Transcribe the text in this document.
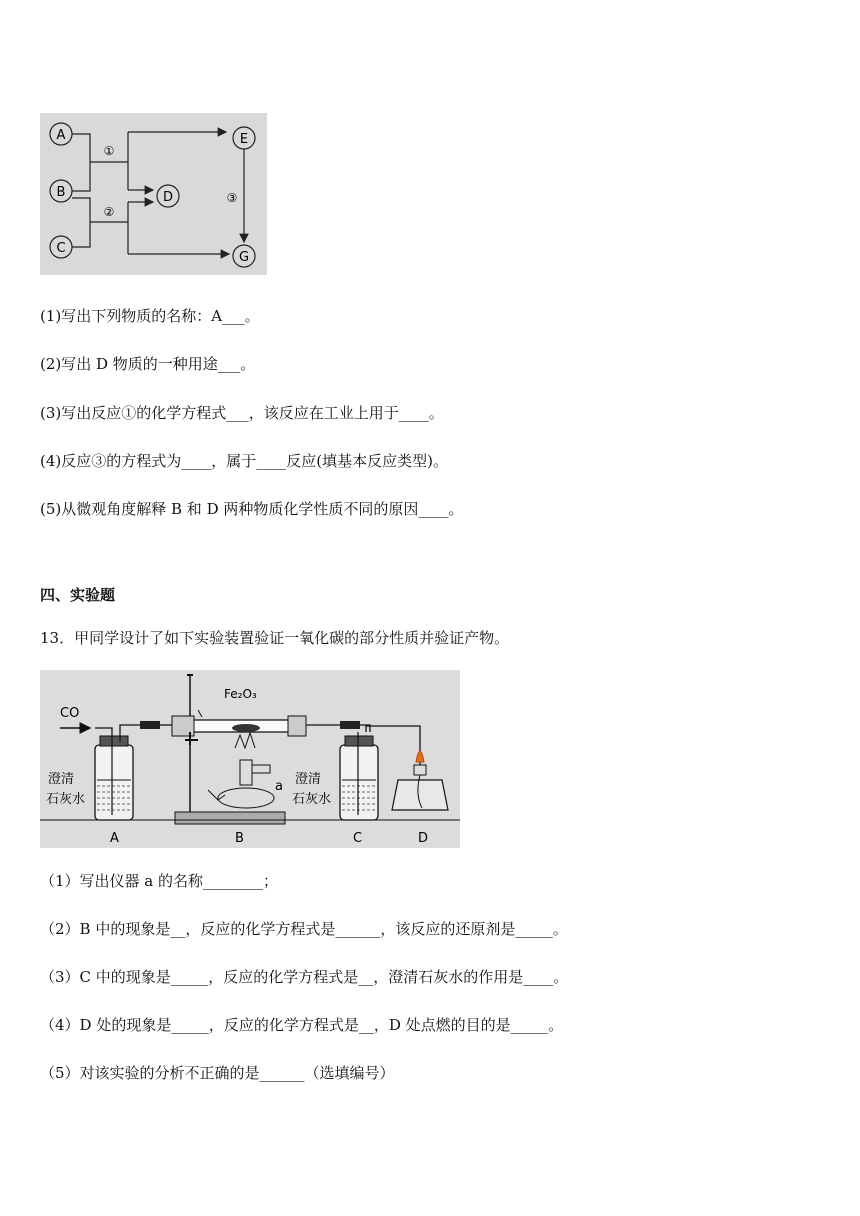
A
B
C
D
E
G
①
②
③
(1)写出下列物质的名称：A___。
(2)写出 D 物质的一种用途___。
(3)写出反应①的化学方程式___，该反应在工业上用于____。
(4)反应③的方程式为____，属于____反应(填基本反应类型)。
(5)从微观角度解释 B 和 D 两种物质化学性质不同的原因____。
四、实验题
13．甲同学设计了如下实验装置验证一氧化碳的部分性质并验证产物。
CO
澄清
石灰水
Fe₂O₃
a 澄清
石灰水
A	B	C	D
（1）写出仪器 a 的名称________；
（2）B 中的现象是__，反应的化学方程式是______，该反应的还原剂是_____。
（3）C 中的现象是_____，反应的化学方程式是__，澄清石灰水的作用是____。
（4）D 处的现象是_____，反应的化学方程式是__，D 处点燃的目的是_____。
（5）对该实验的分析不正确的是______（选填编号）
